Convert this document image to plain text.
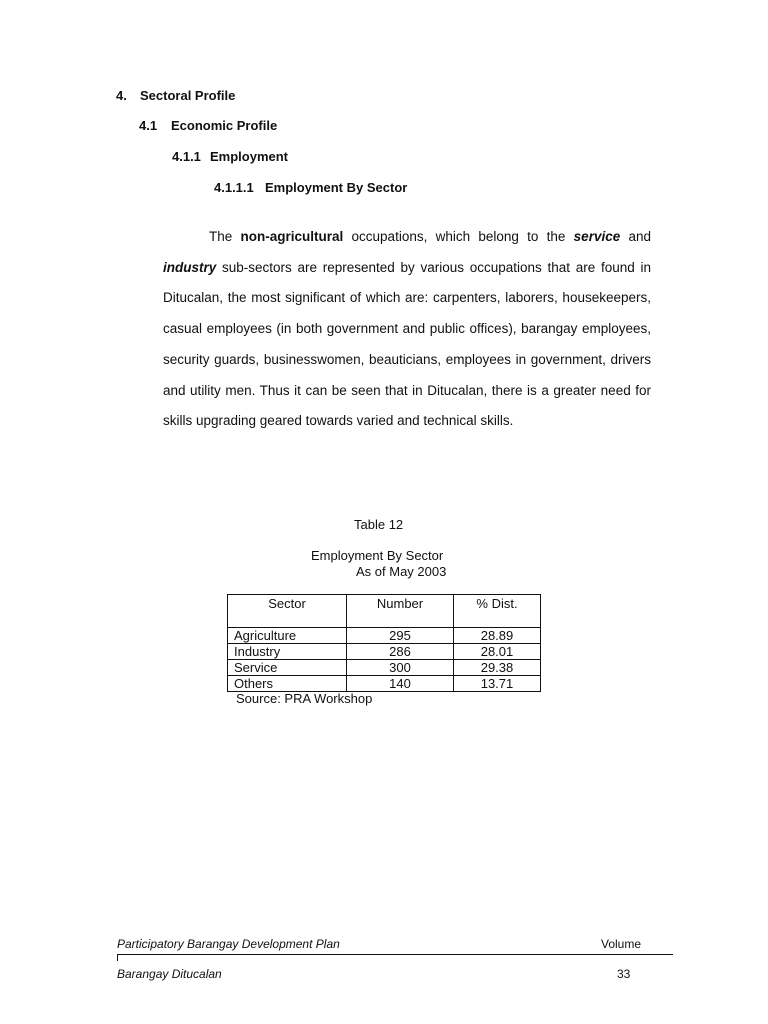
4. Sectoral Profile
4.1 Economic Profile
4.1.1 Employment
4.1.1.1 Employment By Sector
The non-agricultural occupations, which belong to the service and industry sub-sectors are represented by various occupations that are found in Ditucalan, the most significant of which are: carpenters, laborers, housekeepers, casual employees (in both government and public offices), barangay employees, security guards, businesswomen, beauticians, employees in government, drivers and utility men. Thus it can be seen that in Ditucalan, there is a greater need for skills upgrading geared towards varied and technical skills.
Table 12
Employment By Sector
As of May 2003
Sector	Number	% Dist.
Agriculture	295	28.89
Industry	286	28.01
Service	300	29.38
Others	140	13.71
Source: PRA Workshop
Participatory Barangay Development Plan	Volume
Barangay Ditucalan	33
